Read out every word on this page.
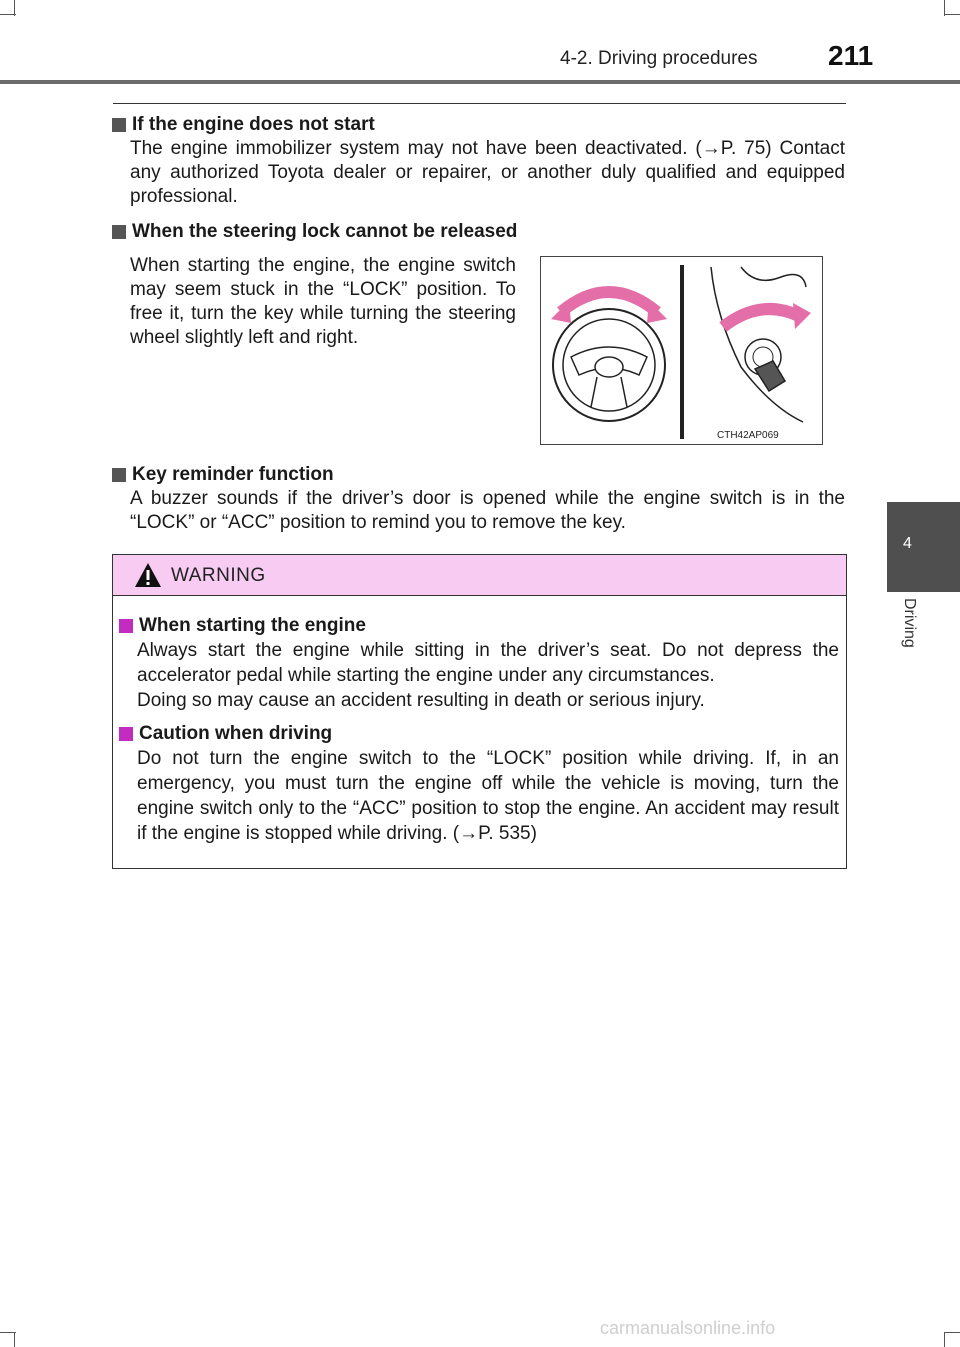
4-2. Driving procedures	211
4
Driving
If the engine does not start
The engine immobilizer system may not have been deactivated. (→P. 75) Contact any authorized Toyota dealer or repairer, or another duly qualified and equipped professional.
When the steering lock cannot be released
When starting the engine, the engine switch may seem stuck in the “LOCK” position. To free it, turn the key while turning the steering wheel slightly left and right.
CTH42AP069
Key reminder function
A buzzer sounds if the driver’s door is opened while the engine switch is in the “LOCK” or “ACC” position to remind you to remove the key.
WARNING
When starting the engine
Always start the engine while sitting in the driver’s seat. Do not depress the accelerator pedal while starting the engine under any circumstances.
Doing so may cause an accident resulting in death or serious injury.
Caution when driving
Do not turn the engine switch to the “LOCK” position while driving. If, in an emergency, you must turn the engine off while the vehicle is moving, turn the engine switch only to the “ACC” position to stop the engine. An accident may result if the engine is stopped while driving. (→P. 535)
carmanualsonline.info
